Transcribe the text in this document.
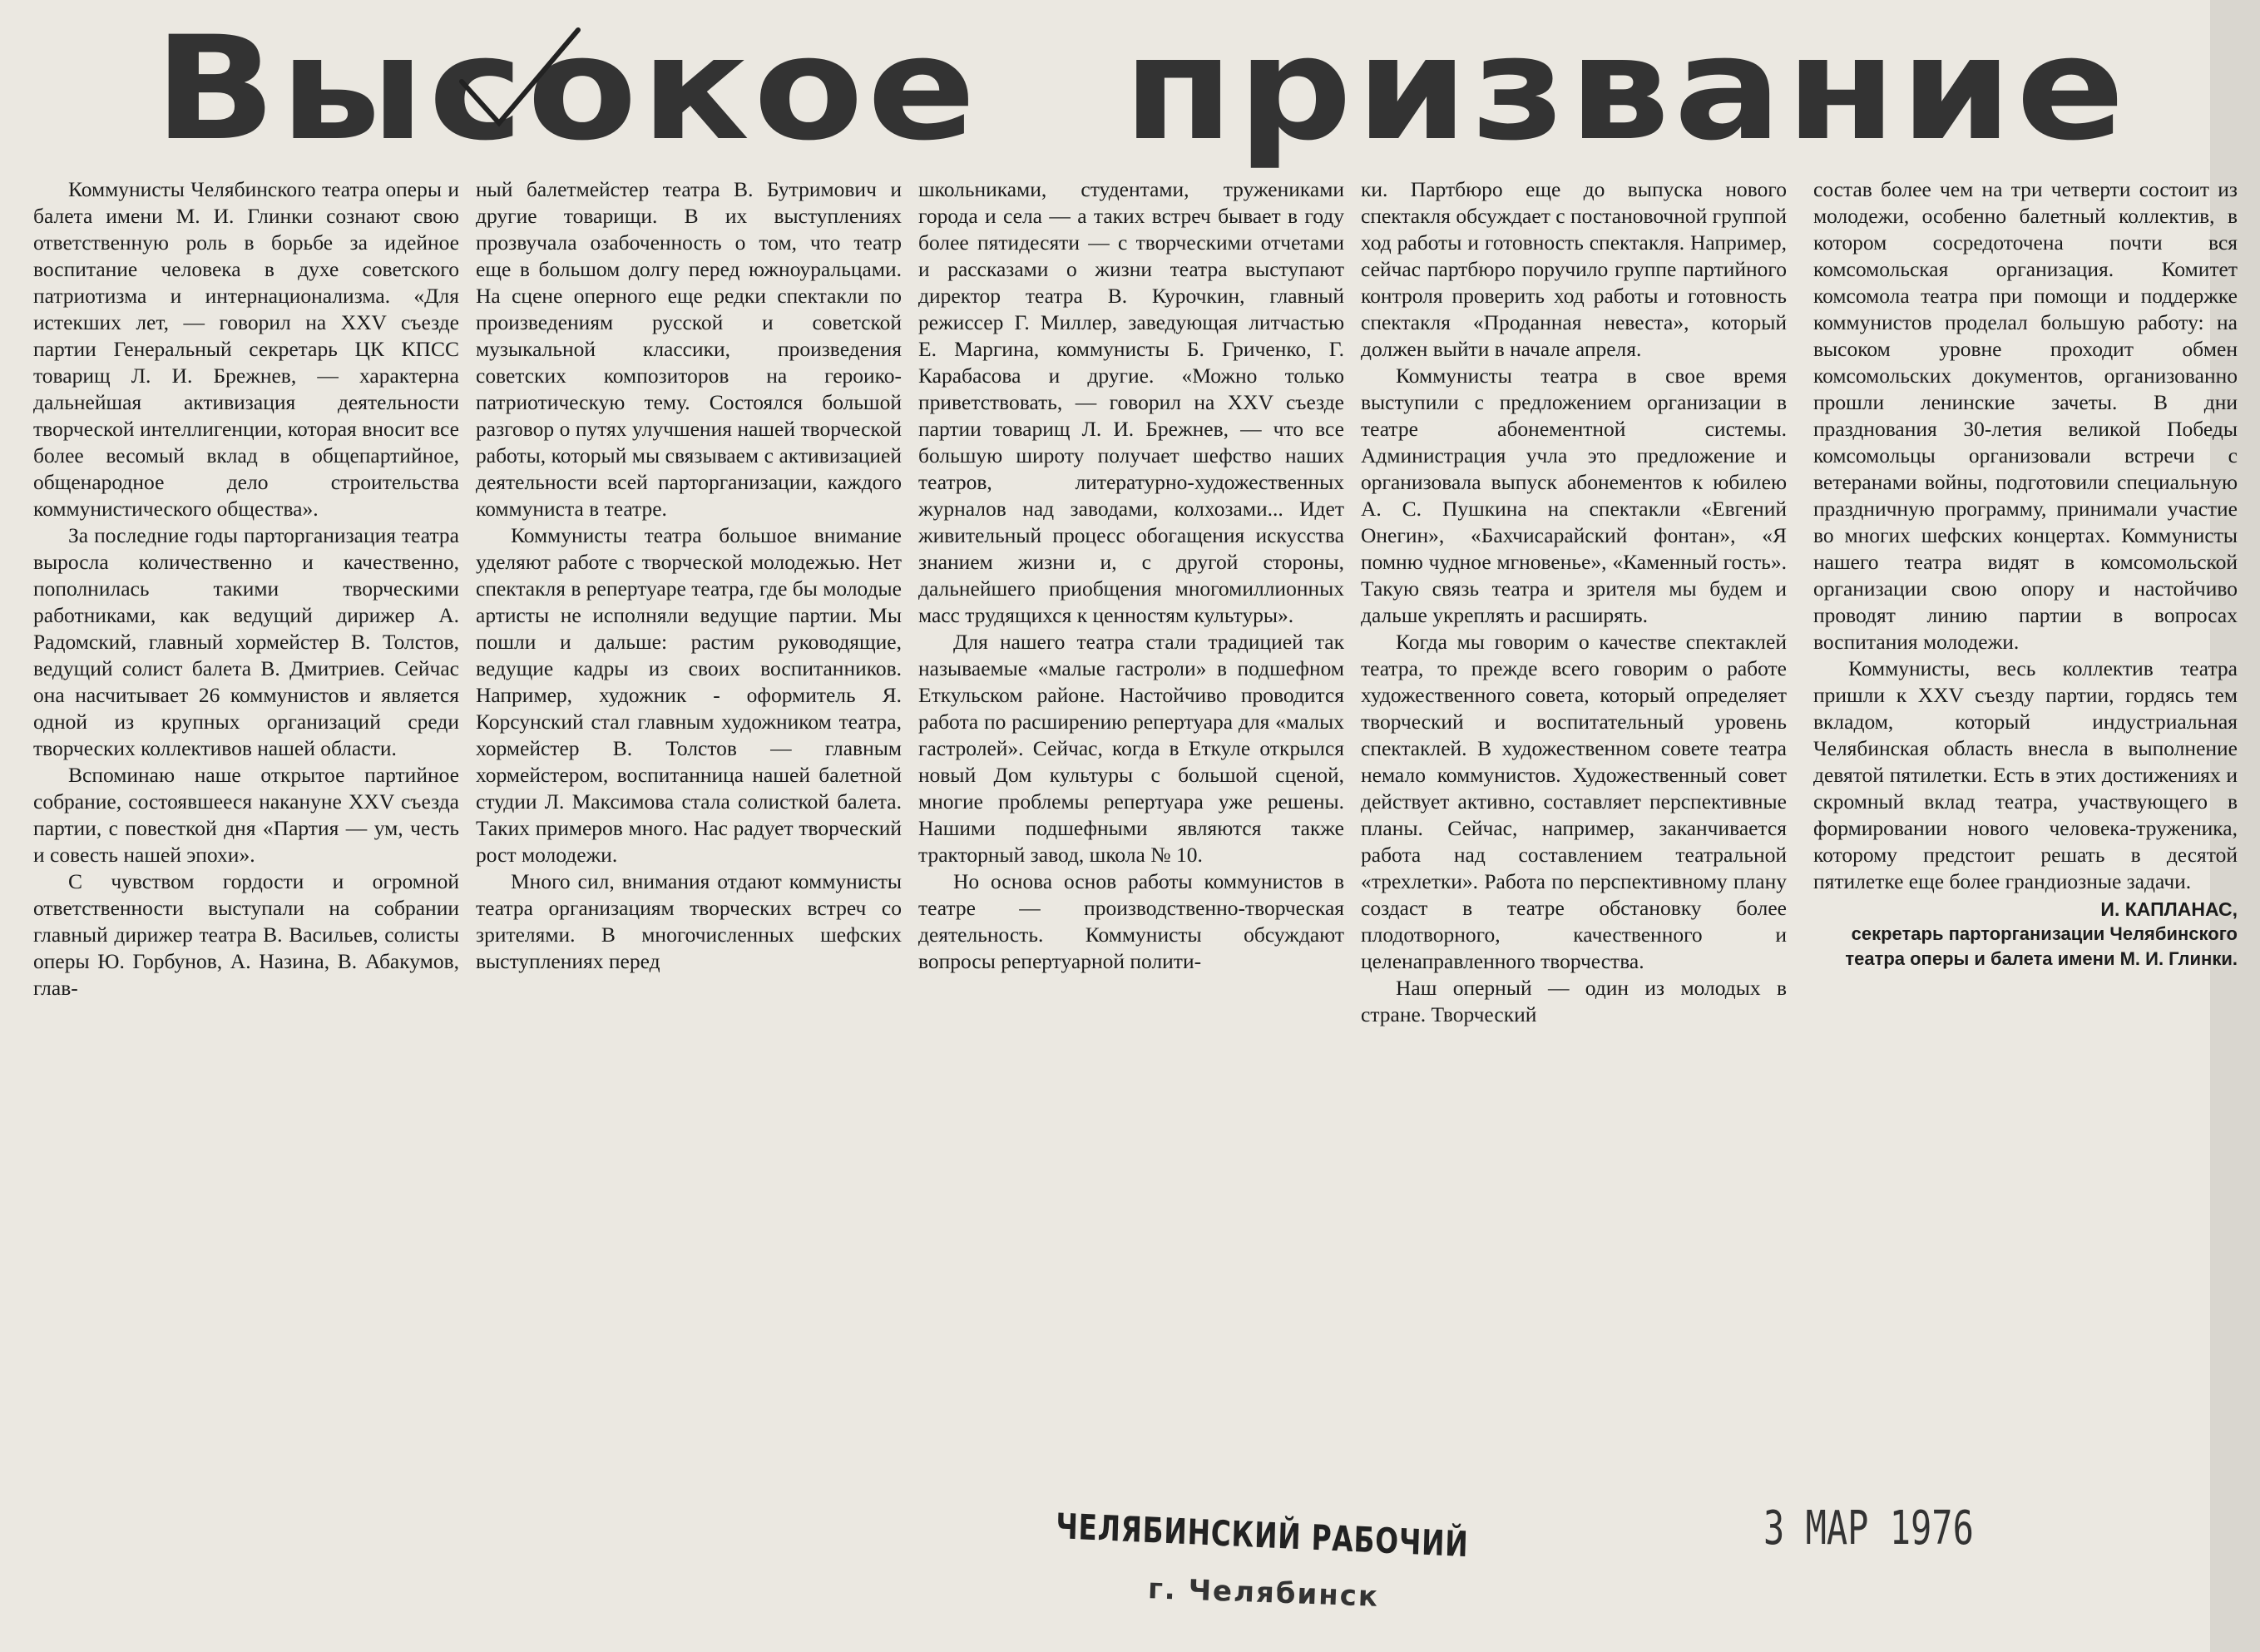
Высокое призвание

Коммунисты Челябинского театра оперы и балета имени М. И. Глинки сознают свою ответственную роль в борьбе за идейное воспитание человека в духе советского патриотизма и интернационализма. «Для истекших лет, — говорил на XXV съезде партии Генеральный секретарь ЦК КПСС товарищ Л. И. Брежнев, — характерна дальнейшая активизация деятельности творческой интеллигенции, которая вносит все более весомый вклад в общепартийное, общенародное дело строительства коммунистического общества».

За последние годы парторганизация театра выросла количественно и качественно, пополнилась такими творческими работниками, как ведущий дирижер А. Радомский, главный хормейстер В. Толстов, ведущий солист балета В. Дмитриев. Сейчас она насчитывает 26 коммунистов и является одной из крупных организаций среди творческих коллективов нашей области.

Вспоминаю наше открытое партийное собрание, состоявшееся накануне XXV съезда партии, с повесткой дня «Партия — ум, честь и совесть нашей эпохи».

С чувством гордости и огромной ответственности выступали на собрании главный дирижер театра В. Васильев, солисты оперы Ю. Горбунов, А. Назина, В. Абакумов, глав-

ный балетмейстер театра В. Бутримович и другие товарищи. В их выступлениях прозвучала озабоченность о том, что театр еще в большом долгу перед южноуральцами. На сцене оперного еще редки спектакли по произведениям русской и советской музыкальной классики, произведения советских композиторов на героико-патриотическую тему. Состоялся большой разговор о путях улучшения нашей творческой работы, который мы связываем с активизацией деятельности всей парторганизации, каждого коммуниста в театре.

Коммунисты театра большое внимание уделяют работе с творческой молодежью. Нет спектакля в репертуаре театра, где бы молодые артисты не исполняли ведущие партии. Мы пошли и дальше: растим руководящие, ведущие кадры из своих воспитанников. Например, художник - оформитель Я. Корсунский стал главным художником театра, хормейстер В. Толстов — главным хормейстером, воспитанница нашей балетной студии Л. Максимова стала солисткой балета. Таких примеров много. Нас радует творческий рост молодежи.

Много сил, внимания отдают коммунисты театра организациям творческих встреч со зрителями. В многочисленных шефских выступлениях перед

школьниками, студентами, тружениками города и села — а таких встреч бывает в году более пятидесяти — с творческими отчетами и рассказами о жизни театра выступают директор театра В. Курочкин, главный режиссер Г. Миллер, заведующая литчастью Е. Маргина, коммунисты Б. Гриченко, Г. Карабасова и другие. «Можно только приветствовать, — говорил на XXV съезде партии товарищ Л. И. Брежнев, — что все большую широту получает шефство наших театров, литературно-художественных журналов над заводами, колхозами... Идет живительный процесс обогащения искусства знанием жизни и, с другой стороны, дальнейшего приобщения многомиллионных масс трудящихся к ценностям культуры».

Для нашего театра стали традицией так называемые «малые гастроли» в подшефном Еткульском районе. Настойчиво проводится работа по расширению репертуара для «малых гастролей». Сейчас, когда в Еткуле открылся новый Дом культуры с большой сценой, многие проблемы репертуара уже решены. Нашими подшефными являются также тракторный завод, школа № 10.

Но основа основ работы коммунистов в театре — производственно-творческая деятельность. Коммунисты обсуждают вопросы репертуарной полити-

ки. Партбюро еще до выпуска нового спектакля обсуждает с постановочной группой ход работы и готовность спектакля. Например, сейчас партбюро поручило группе партийного контроля проверить ход работы и готовность спектакля «Проданная невеста», который должен выйти в начале апреля.

Коммунисты театра в свое время выступили с предложением организации в театре абонементной системы. Администрация учла это предложение и организовала выпуск абонементов к юбилею А. С. Пушкина на спектакли «Евгений Онегин», «Бахчисарайский фонтан», «Я помню чудное мгновенье», «Каменный гость». Такую связь театра и зрителя мы будем и дальше укреплять и расширять.

Когда мы говорим о качестве спектаклей театра, то прежде всего говорим о работе художественного совета, который определяет творческий и воспитательный уровень спектаклей. В художественном совете театра немало коммунистов. Художественный совет действует активно, составляет перспективные планы. Сейчас, например, заканчивается работа над составлением театральной «трехлетки». Работа по перспективному плану создаст в театре обстановку более плодотворного, качественного и целенаправленного творчества.

Наш оперный — один из молодых в стране. Творческий

состав более чем на три четверти состоит из молодежи, особенно балетный коллектив, в котором сосредоточена почти вся комсомольская организация. Комитет комсомола театра при помощи и поддержке коммунистов проделал большую работу: на высоком уровне проходит обмен комсомольских документов, организованно прошли ленинские зачеты. В дни празднования 30-летия великой Победы комсомольцы организовали встречи с ветеранами войны, подготовили специальную праздничную программу, принимали участие во многих шефских концертах. Коммунисты нашего театра видят в комсомольской организации свою опору и настойчиво проводят линию партии в вопросах воспитания молодежи.

Коммунисты, весь коллектив театра пришли к XXV съезду партии, гордясь тем вкладом, который индустриальная Челябинская область внесла в выполнение девятой пятилетки. Есть в этих достижениях и скромный вклад театра, участвующего в формировании нового человека-труженика, которому предстоит решать в десятой пятилетке еще более грандиозные задачи.

И. КАПЛАНАС,
секретарь парторганизации Челябинского театра оперы и балета имени М. И. Глинки.
ЧЕЛЯБИНСКИЙ РАБОЧИЙ
г. Челябинск
3 МАР 1976
